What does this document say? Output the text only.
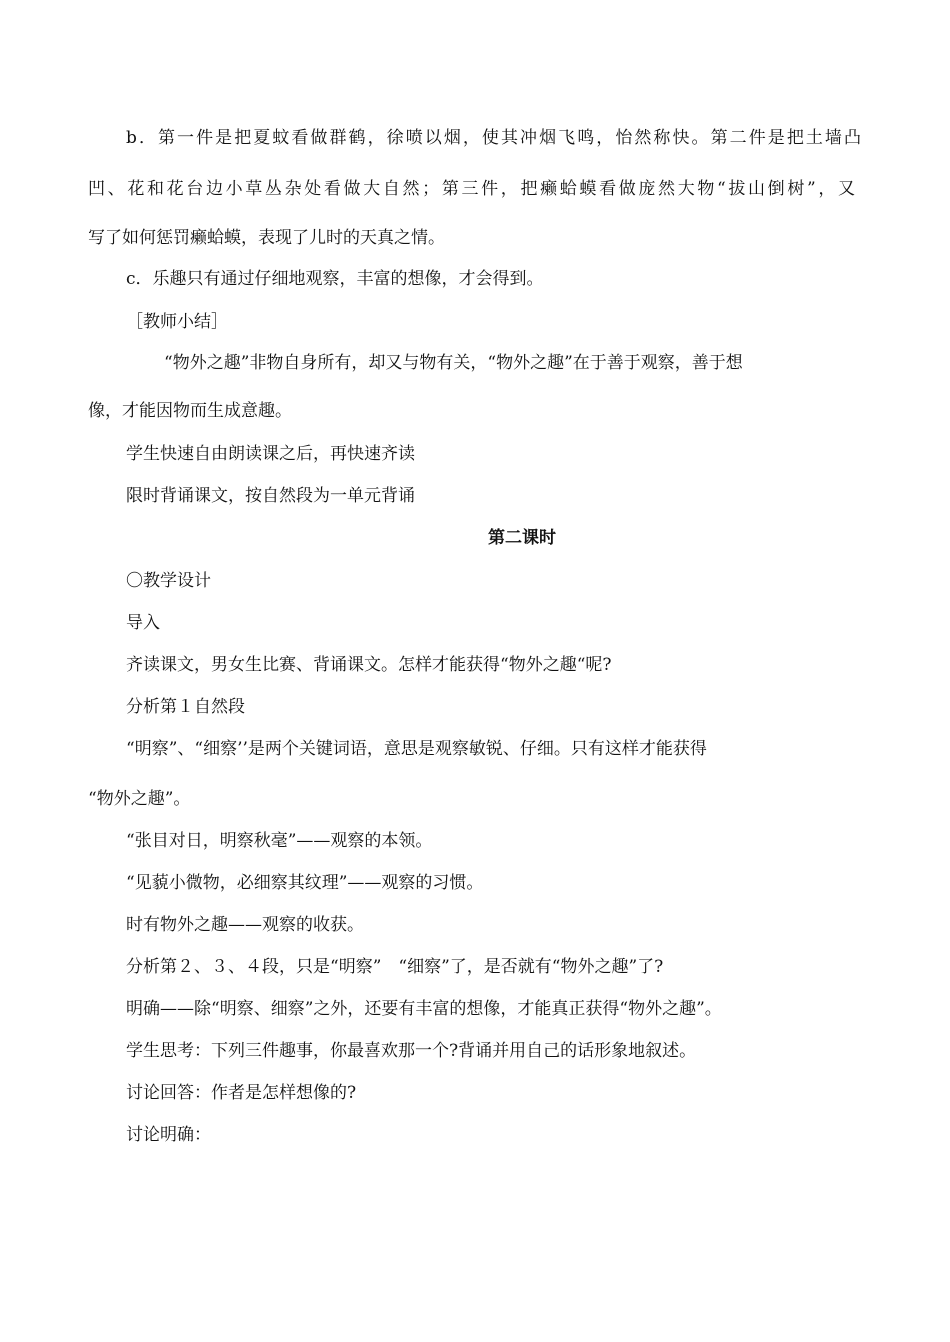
b．第一件是把夏蚊看做群鹤，徐喷以烟，使其冲烟飞鸣，怡然称快。第二件是把土墙凸
凹、花和花台边小草丛杂处看做大自然；第三件，把癞蛤蟆看做庞然大物“拔山倒树”，又
写了如何惩罚癞蛤蟆，表现了儿时的天真之情。
c．乐趣只有通过仔细地观察，丰富的想像，才会得到。
［教师小结］
“物外之趣”非物自身所有，却又与物有关，“物外之趣”在于善于观察，善于想
像，才能因物而生成意趣。
学生快速自由朗读课之后，再快速齐读
限时背诵课文，按自然段为一单元背诵
第二课时
〇教学设计
导入
齐读课文，男女生比赛、背诵课文。怎样才能获得“物外之趣“呢?
分析第１自然段
“明察”、“细察’’是两个关键词语，意思是观察敏锐、仔细。只有这样才能获得
“物外之趣”。
“张目对日，明察秋毫”——观察的本领。
“见藐小微物，必细察其纹理”——观察的习惯。
时有物外之趣——观察的收获。
分析第２、３、４段，只是“明察”　“细察”了，是否就有“物外之趣”了?
明确——除“明察、细察”之外，还要有丰富的想像，才能真正获得“物外之趣”。
学生思考：下列三件趣事，你最喜欢那一个?背诵并用自己的话形象地叙述。
讨论回答：作者是怎样想像的?
讨论明确：
